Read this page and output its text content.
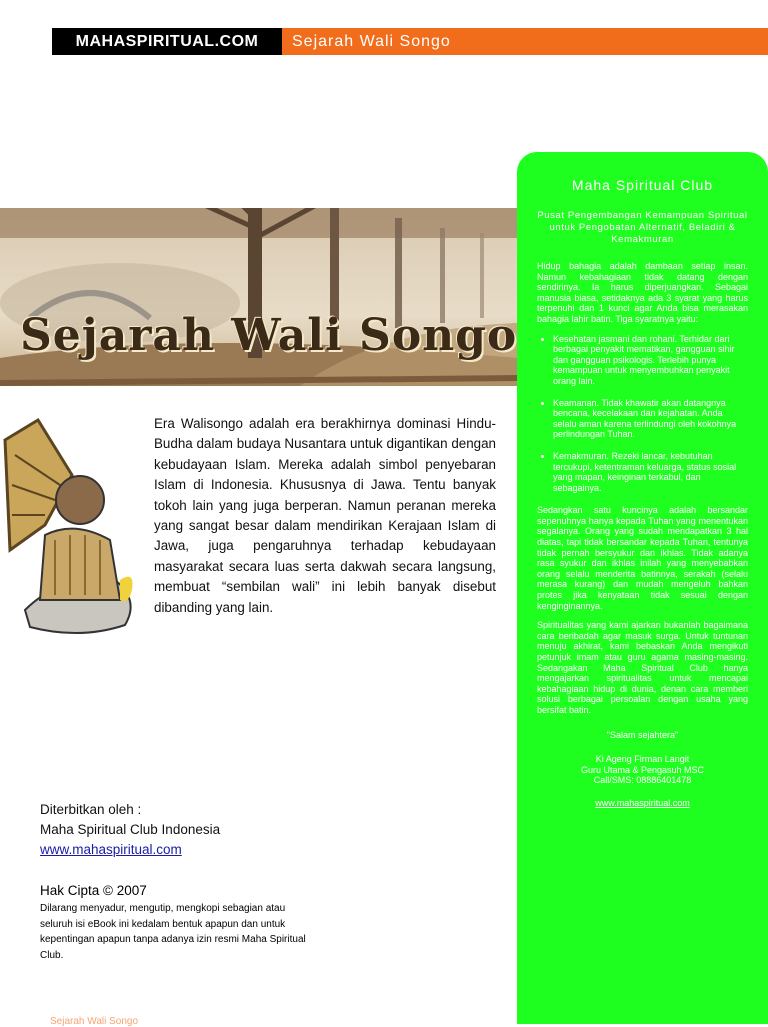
MAHASPIRITUAL.COM	Sejarah Wali Songo
Sejarah Wali Songo

Era Walisongo adalah era berakhirnya dominasi Hindu-Budha dalam budaya Nusantara untuk digantikan dengan kebudayaan Islam. Mereka adalah simbol penyebaran Islam di Indonesia. Khususnya di Jawa. Tentu banyak tokoh lain yang juga berperan. Namun peranan mereka yang sangat besar dalam mendirikan Kerajaan Islam di Jawa, juga pengaruhnya terhadap kebudayaan masyarakat secara luas serta dakwah secara langsung, membuat “sembilan wali” ini lebih banyak disebut dibanding yang lain.

Diterbitkan oleh :
Maha Spiritual Club Indonesia
www.mahaspiritual.com
Hak Cipta © 2007
Dilarang menyadur, mengutip, mengkopi sebagian atau seluruh isi eBook ini kedalam bentuk apapun dan untuk kepentingan apapun tanpa adanya izin resmi Maha Spiritual Club.
Maha Spiritual Club
Pusat Pengembangan Kemampuan Spiritual untuk Pengobatan Alternatif, Beladiri & Kemakmuran

Hidup bahagia adalah dambaan setiap insan. Namun kebahagiaan tidak datang dengan sendirinya. Ia harus diperjuangkan. Sebagai manusia biasa, setidaknya ada 3 syarat yang harus terpenuhi dan 1 kunci agar Anda bisa merasakan bahagia lahir batin. Tiga syaratnya yaitu:

• Kesehatan jasmani dan rohani. Terhidar dari berbagai penyakit mematikan, gangguan sihir dan gangguan psikologis. Terlebih punya kemampuan untuk menyembuhkan penyakit orang lain.
• Keamanan. Tidak khawatir akan datangnya bencana, kecelakaan dan kejahatan. Anda selalu aman karena terlindungi oleh kokohnya perlindungan Tuhan.
• Kemakmuran. Rezeki lancar, kebutuhan tercukupi, ketentraman keluarga, status sosial yang mapan, keinginan terkabul, dan sebagainya.

Sedangkan satu kuncinya adalah bersandar sepenuhnya hanya kepada Tuhan yang menentukan segalanya. Orang yang sudah mendapatkan 3 hal diatas, tapi tidak bersandar kepada Tuhan, tentunya tidak pernah bersyukur dan ikhlas. Tidak adanya rasa syukur dan ikhlas inilah yang menyebabkan orang selalu menderita batinnya, serakah (selalu merasa kurang) dan mudah mengeluh bahkan protes jika kenyataan tidak sesuai dengan kenginginannya.

Spiritualitas yang kami ajarkan bukanlah bagaimana cara beribadah agar masuk surga. Untuk tuntunan menuju akhirat, kami bebaskan Anda mengikuti petunjuk imam atau guru agama masing-masing. Sedangakan Maha Spiritual Club hanya mengajarkan spiritualitas untuk mencapai kebahagiaan hidup di dunia, denan cara memberi solusi berbagai persoalan dengan usaha yang bersifat batin.

"Salam sejahtera"

Ki Ageng Firman Langit
Guru Utama & Pengasuh MSC
Call/SMS: 08886401478

www.mahaspiritual.com

Sejarah Wali Songo
